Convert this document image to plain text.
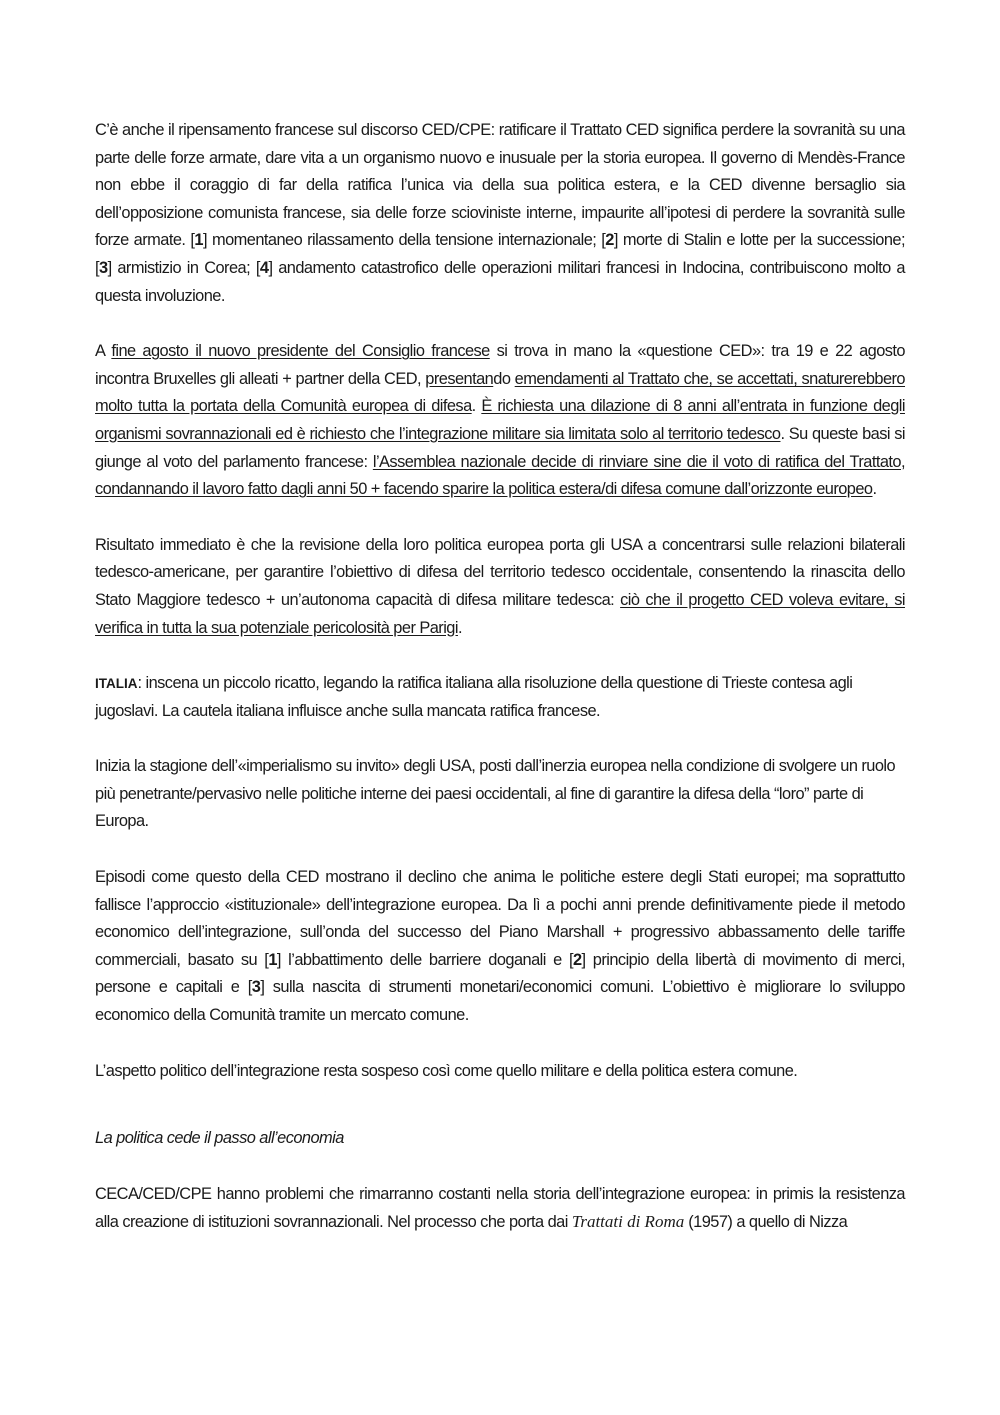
C’è anche il ripensamento francese sul discorso CED/CPE: ratificare il Trattato CED significa perdere la sovranità su una parte delle forze armate, dare vita a un organismo nuovo e inusuale per la storia europea. Il governo di Mendès-France non ebbe il coraggio di far della ratifica l’unica via della sua politica estera, e la CED divenne bersaglio sia dell’opposizione comunista francese, sia delle forze scioviniste interne, impaurite all’ipotesi di perdere la sovranità sulle forze armate. [1] momentaneo rilassamento della tensione internazionale; [2] morte di Stalin e lotte per la successione; [3] armistizio in Corea; [4] andamento catastrofico delle operazioni militari francesi in Indocina, contribuiscono molto a questa involuzione.

A fine agosto il nuovo presidente del Consiglio francese si trova in mano la «questione CED»: tra 19 e 22 agosto incontra Bruxelles gli alleati + partner della CED, presentando emendamenti al Trattato che, se accettati, snaturerebbero molto tutta la portata della Comunità europea di difesa. È richiesta una dilazione di 8 anni all’entrata in funzione degli organismi sovrannazionali ed è richiesto che l’integrazione militare sia limitata solo al territorio tedesco. Su queste basi si giunge al voto del parlamento francese: l’Assemblea nazionale decide di rinviare sine die il voto di ratifica del Trattato, condannando il lavoro fatto dagli anni 50 + facendo sparire la politica estera/di difesa comune dall’orizzonte europeo.

Risultato immediato è che la revisione della loro politica europea porta gli USA a concentrarsi sulle relazioni bilaterali tedesco-americane, per garantire l’obiettivo di difesa del territorio tedesco occidentale, consentendo la rinascita dello Stato Maggiore tedesco + un’autonoma capacità di difesa militare tedesca: ciò che il progetto CED voleva evitare, si verifica in tutta la sua potenziale pericolosità per Parigi.

ITALIA: inscena un piccolo ricatto, legando la ratifica italiana alla risoluzione della questione di Trieste contesa agli jugoslavi. La cautela italiana influisce anche sulla mancata ratifica francese.

Inizia la stagione dell’«imperialismo su invito» degli USA, posti dall’inerzia europea nella condizione di svolgere un ruolo più penetrante/pervasivo nelle politiche interne dei paesi occidentali, al fine di garantire la difesa della “loro” parte di Europa.

Episodi come questo della CED mostrano il declino che anima le politiche estere degli Stati europei; ma soprattutto fallisce l’approccio «istituzionale» dell’integrazione europea. Da lì a pochi anni prende definitivamente piede il metodo economico dell’integrazione, sull’onda del successo del Piano Marshall + progressivo abbassamento delle tariffe commerciali, basato su [1] l’abbattimento delle barriere doganali e [2] principio della libertà di movimento di merci, persone e capitali e [3] sulla nascita di strumenti monetari/economici comuni. L’obiettivo è migliorare lo sviluppo economico della Comunità tramite un mercato comune.

L’aspetto politico dell’integrazione resta sospeso così come quello militare e della politica estera comune.

La politica cede il passo all’economia

CECA/CED/CPE hanno problemi che rimarranno costanti nella storia dell’integrazione europea: in primis la resistenza alla creazione di istituzioni sovrannazionali. Nel processo che porta dai Trattati di Roma (1957) a quello di Nizza
